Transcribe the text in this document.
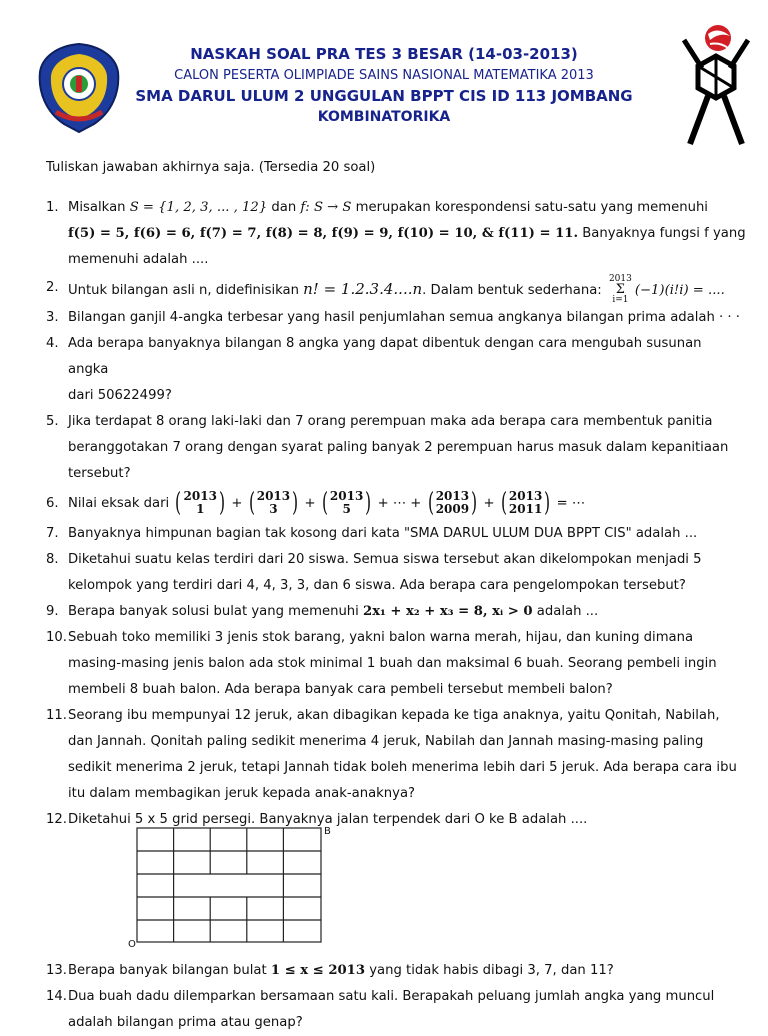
NASKAH SOAL PRA TES 3 BESAR (14-03-2013)
CALON PESERTA OLIMPIADE SAINS NASIONAL MATEMATIKA 2013
SMA DARUL ULUM 2 UNGGULAN BPPT CIS ID 113 JOMBANG
KOMBINATORIKA

Tuliskan jawaban akhirnya saja. (Tersedia 20 soal)

1. Misalkan S = {1, 2, 3, ... , 12} dan f: S → S merupakan korespondensi satu-satu yang memenuhi

f(5) = 5, f(6) = 6, f(7) = 7, f(8) = 8, f(9) = 9, f(10) = 10, & f(11) = 11. Banyaknya fungsi f yang

memenuhi adalah ....

2. Untuk bilangan asli n, didefinisikan n! = 1.2.3.4....n. Dalam bentuk sederhana:
2013
Σ
i=1
(−1)(i!i) = ....

3. Bilangan ganjil 4-angka terbesar yang hasil penjumlahan semua angkanya bilangan prima adalah · · ·

4. Ada berapa banyaknya bilangan 8 angka yang dapat dibentuk dengan cara mengubah susunan angka

dari 50622499?

5. Jika terdapat 8 orang laki-laki dan 7 orang perempuan maka ada berapa cara membentuk panitia

beranggotakan 7 orang dengan syarat paling banyak 2 perempuan harus masuk dalam kepanitiaan

tersebut?

6. Nilai eksak dari ( 2013
1 ) + ( 2013
3 ) + ( 2013
5 ) + ⋯ + ( 2013
2009 ) + ( 2013
2011 ) = ⋯

7. Banyaknya himpunan bagian tak kosong dari kata "SMA DARUL ULUM DUA BPPT CIS" adalah ...

8. Diketahui suatu kelas terdiri dari 20 siswa. Semua siswa tersebut akan dikelompokan menjadi 5

kelompok yang terdiri dari 4, 4, 3, 3, dan 6 siswa. Ada berapa cara pengelompokan tersebut?

9. Berapa banyak solusi bulat yang memenuhi 2x₁ + x₂ + x₃ = 8, xᵢ > 0 adalah ...

10. Sebuah toko memiliki 3 jenis stok barang, yakni balon warna merah, hijau, dan kuning dimana

masing-masing jenis balon ada stok minimal 1 buah dan maksimal 6 buah. Seorang pembeli ingin

membeli 8 buah balon. Ada berapa banyak cara pembeli tersebut membeli balon?

11. Seorang ibu mempunyai 12 jeruk, akan dibagikan kepada ke tiga anaknya, yaitu Qonitah, Nabilah,

dan Jannah. Qonitah paling sedikit menerima 4 jeruk, Nabilah dan Jannah masing-masing paling

sedikit menerima 2 jeruk, tetapi Jannah tidak boleh menerima lebih dari 5 jeruk. Ada berapa cara ibu

itu dalam membagikan jeruk kepada anak-anaknya?

12. Diketahui 5 x 5 grid persegi. Banyaknya jalan terpendek dari O ke B adalah ....

B
O
13. Berapa banyak bilangan bulat 1 ≤ x ≤ 2013 yang tidak habis dibagi 3, 7, dan 11?

14. Dua buah dadu dilemparkan bersamaan satu kali. Berapakah peluang jumlah angka yang muncul

adalah bilangan prima atau genap?
